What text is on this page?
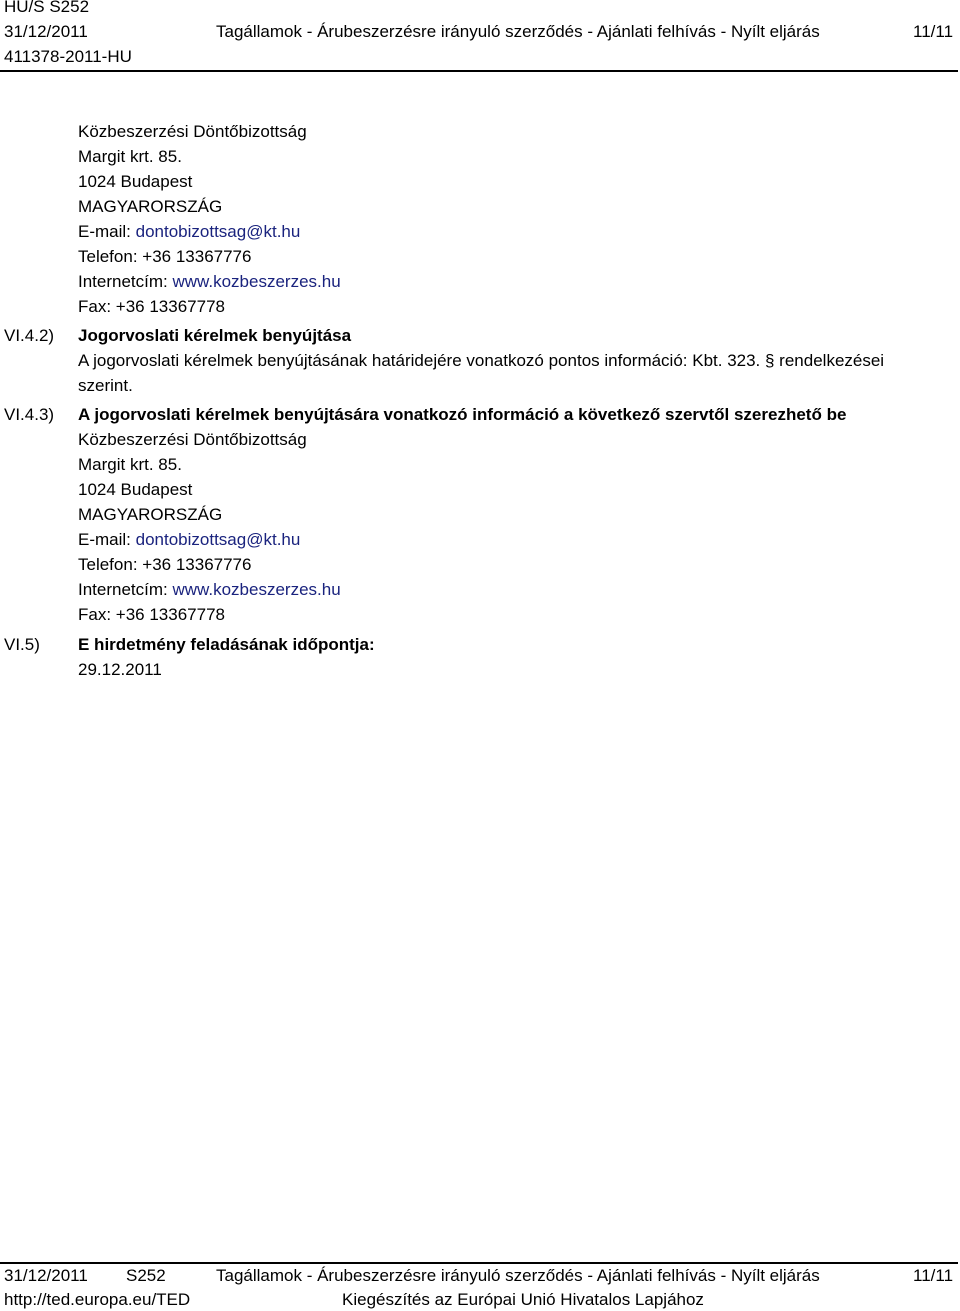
HU/S S252
31/12/2011	Tagállamok - Árubeszerzésre irányuló szerződés - Ajánlati felhívás - Nyílt eljárás	11/11
411378-2011-HU
Közbeszerzési Döntőbizottság
Margit krt. 85.
1024 Budapest
MAGYARORSZÁG
E-mail: dontobizottsag@kt.hu
Telefon: +36 13367776
Internetcím: www.kozbeszerzes.hu
Fax: +36 13367778
VI.4.2) Jogorvoslati kérelmek benyújtása
A jogorvoslati kérelmek benyújtásának határidejére vonatkozó pontos információ: Kbt. 323. § rendelkezései
szerint.
VI.4.3) A jogorvoslati kérelmek benyújtására vonatkozó információ a következő szervtől szerezhető be
Közbeszerzési Döntőbizottság
Margit krt. 85.
1024 Budapest
MAGYARORSZÁG
E-mail: dontobizottsag@kt.hu
Telefon: +36 13367776
Internetcím: www.kozbeszerzes.hu
Fax: +36 13367778
VI.5) E hirdetmény feladásának időpontja:
29.12.2011
31/12/2011 S252	Tagállamok - Árubeszerzésre irányuló szerződés - Ajánlati felhívás - Nyílt eljárás	11/11
http://ted.europa.eu/TED	Kiegészítés az Európai Unió Hivatalos Lapjához
